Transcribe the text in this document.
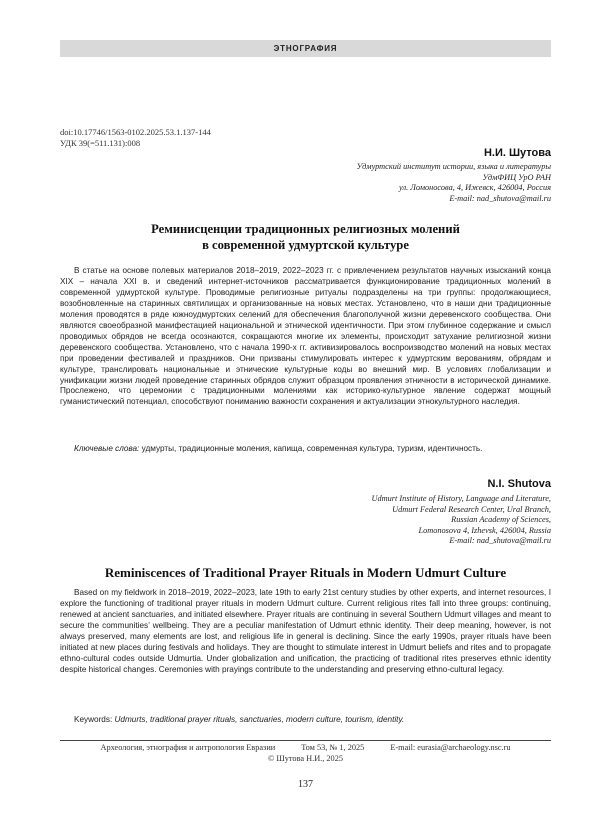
ЭТНОГРАФИЯ
doi:10.17746/1563-0102.2025.53.1.137-144
УДК 39(=511.131):008
Н.И. Шутова
Удмуртский институт истории, языка и литературы
УдмФИЦ УрО РАН
ул. Ломоносова, 4, Ижевск, 426004, Россия
E-mail: nad_shutova@mail.ru
Реминисценции традиционных религиозных молений
в современной удмуртской культуре

В статье на основе полевых материалов 2018–2019, 2022–2023 гг. с привлечением результатов научных изысканий конца XIX – начала XXI в. и сведений интернет-источников рассматривается функционирование традиционных молений в современной удмуртской культуре. Проводимые религиозные ритуалы подразделены на три группы: продолжающиеся, возобновленные на старинных святилищах и организованные на новых местах. Установлено, что в наши дни традиционные моления проводятся в ряде южноудмуртских селений для обеспечения благополучной жизни деревенского сообщества. Они являются своеобразной манифестацией национальной и этнической идентичности. При этом глубинное содержание и смысл проводимых обрядов не всегда осознаются, сокращаются многие их элементы, происходит затухание религиозной жизни деревенского сообщества. Установлено, что с начала 1990-х гг. активизировалось воспроизводство молений на новых местах при проведении фестивалей и праздников. Они призваны стимулировать интерес к удмуртским верованиям, обрядам и культуре, транслировать национальные и этнические культурные коды во внешний мир. В условиях глобализации и унификации жизни людей проведение старинных обрядов служит образцом проявления этничности в исторической динамике. Прослежено, что церемонии с традиционными молениями как историко-культурное явление содержат мощный гуманистический потенциал, способствуют пониманию важности сохранения и актуализации этнокультурного наследия.

Ключевые слова: удмурты, традиционные моления, капища, современная культура, туризм, идентичность.
N.I. Shutova
Udmurt Institute of History, Language and Literature,
Udmurt Federal Research Center, Ural Branch,
Russian Academy of Sciences,
Lomonosova 4, Izhevsk, 426004, Russia
E-mail: nad_shutova@mail.ru
Reminiscences of Traditional Prayer Rituals in Modern Udmurt Culture

Based on my fieldwork in 2018–2019, 2022–2023, late 19th to early 21st century studies by other experts, and internet resources, I explore the functioning of traditional prayer rituals in modern Udmurt culture. Current religious rites fall into three groups: continuing, renewed at ancient sanctuaries, and initiated elsewhere. Prayer rituals are continuing in several Southern Udmurt villages and meant to secure the communities’ wellbeing. They are a peculiar manifestation of Udmurt ethnic identity. Their deep meaning, however, is not always preserved, many elements are lost, and religious life in general is declining. Since the early 1990s, prayer rituals have been initiated at new places during festivals and holidays. They are thought to stimulate interest in Udmurt beliefs and rites and to propagate ethno-cultural codes outside Udmurtia. Under globalization and unification, the practicing of traditional rites preserves ethnic identity despite historical changes. Ceremonies with prayings contribute to the understanding and preserving ethno-cultural legacy.

Keywords: Udmurts, traditional prayer rituals, sanctuaries, modern culture, tourism, identity.
Археология, этнография и антропология Евразии	Том 53, № 1, 2025	E-mail: eurasia@archaeology.nsc.ru
© Шутова Н.И., 2025
137
